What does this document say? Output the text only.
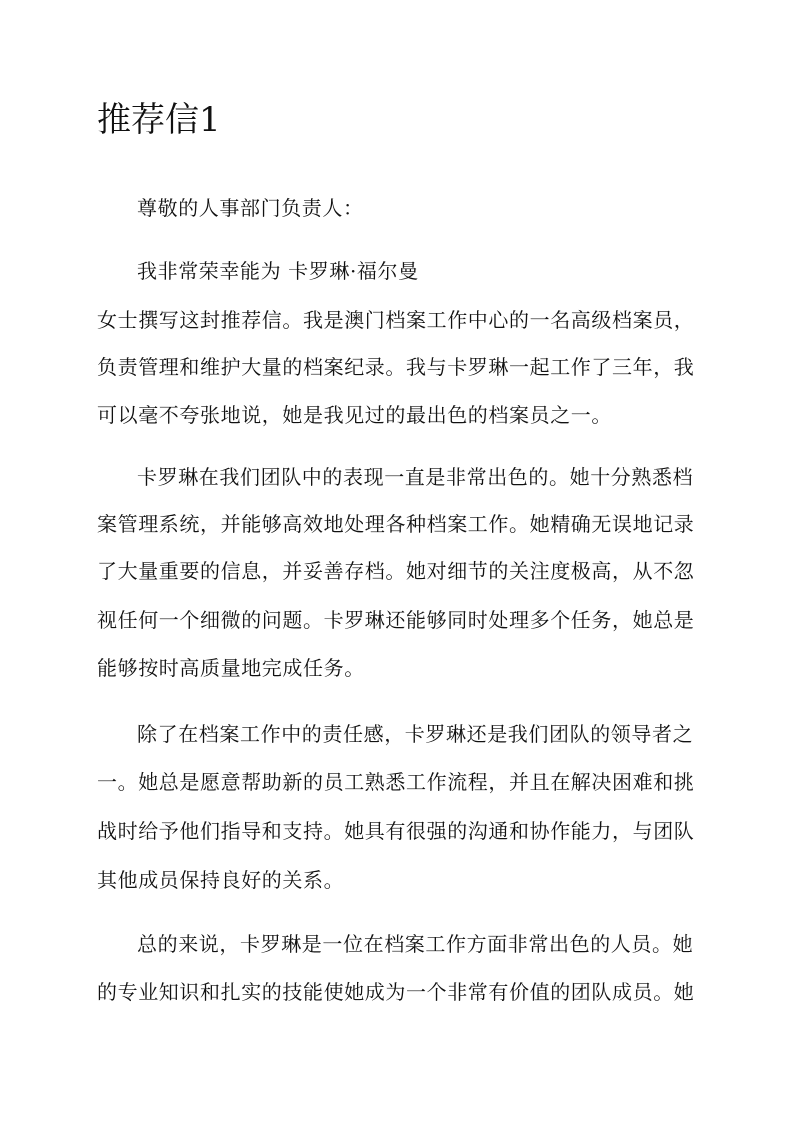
推荐信1
尊敬的人事部门负责人：
我非常荣幸能为 卡罗琳·福尔曼
女士撰写这封推荐信。我是澳门档案工作中心的一名高级档案员，
负责管理和维护大量的档案纪录。我与卡罗琳一起工作了三年，我
可以毫不夸张地说，她是我见过的最出色的档案员之一。
卡罗琳在我们团队中的表现一直是非常出色的。她十分熟悉档
案管理系统，并能够高效地处理各种档案工作。她精确无误地记录
了大量重要的信息，并妥善存档。她对细节的关注度极高，从不忽
视任何一个细微的问题。卡罗琳还能够同时处理多个任务，她总是
能够按时高质量地完成任务。
除了在档案工作中的责任感，卡罗琳还是我们团队的领导者之
一。她总是愿意帮助新的员工熟悉工作流程，并且在解决困难和挑
战时给予他们指导和支持。她具有很强的沟通和协作能力，与团队
其他成员保持良好的关系。
总的来说，卡罗琳是一位在档案工作方面非常出色的人员。她
的专业知识和扎实的技能使她成为一个非常有价值的团队成员。她
